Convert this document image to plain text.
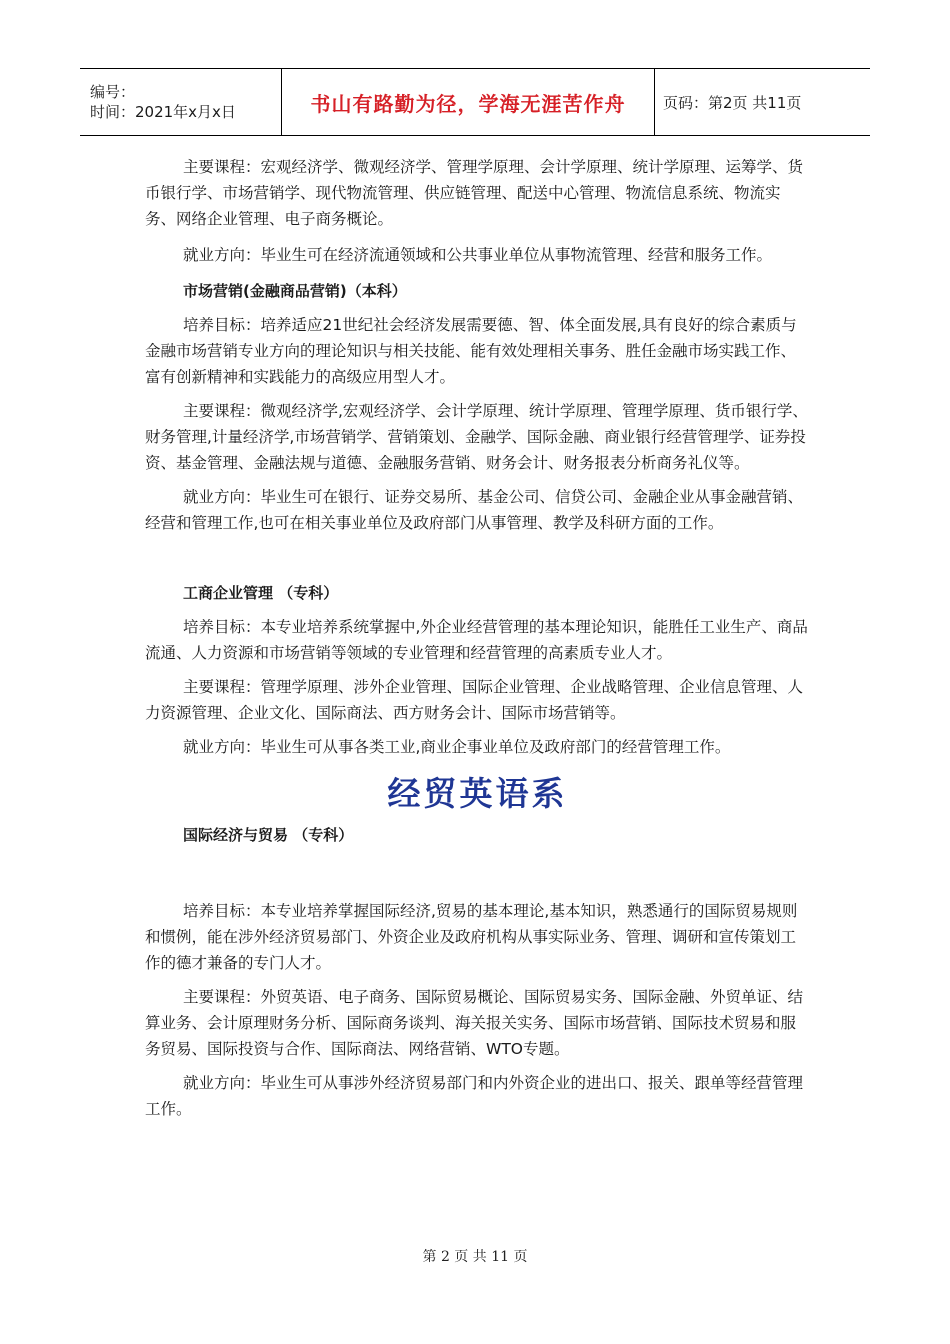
编号：
时间：2021年x月x日	书山有路勤为径，学海无涯苦作舟	页码：第2页 共11页

主要课程：宏观经济学、微观经济学、管理学原理、会计学原理、统计学原理、运筹学、货币银行学、市场营销学、现代物流管理、供应链管理、配送中心管理、物流信息系统、物流实务、网络企业管理、电子商务概论。

就业方向：毕业生可在经济流通领域和公共事业单位从事物流管理、经营和服务工作。

市场营销(金融商品营销)（本科）

培养目标：培养适应21世纪社会经济发展需要德、智、体全面发展,具有良好的综合素质与金融市场营销专业方向的理论知识与相关技能、能有效处理相关事务、胜任金融市场实践工作、富有创新精神和实践能力的高级应用型人才。

主要课程：微观经济学,宏观经济学、会计学原理、统计学原理、管理学原理、货币银行学、财务管理,计量经济学,市场营销学、营销策划、金融学、国际金融、商业银行经营管理学、证券投资、基金管理、金融法规与道德、金融服务营销、财务会计、财务报表分析商务礼仪等。

就业方向：毕业生可在银行、证券交易所、基金公司、信贷公司、金融企业从事金融营销、经营和管理工作,也可在相关事业单位及政府部门从事管理、教学及科研方面的工作。

工商企业管理 （专科）

培养目标：本专业培养系统掌握中,外企业经营管理的基本理论知识，能胜任工业生产、商品流通、人力资源和市场营销等领域的专业管理和经营管理的高素质专业人才。

主要课程：管理学原理、涉外企业管理、国际企业管理、企业战略管理、企业信息管理、人力资源管理、企业文化、国际商法、西方财务会计、国际市场营销等。

就业方向：毕业生可从事各类工业,商业企事业单位及政府部门的经营管理工作。

经贸英语系
国际经济与贸易 （专科）

培养目标：本专业培养掌握国际经济,贸易的基本理论,基本知识，熟悉通行的国际贸易规则和惯例，能在涉外经济贸易部门、外资企业及政府机构从事实际业务、管理、调研和宣传策划工作的德才兼备的专门人才。

主要课程：外贸英语、电子商务、国际贸易概论、国际贸易实务、国际金融、外贸单证、结算业务、会计原理财务分析、国际商务谈判、海关报关实务、国际市场营销、国际技术贸易和服务贸易、国际投资与合作、国际商法、网络营销、WTO专题。

就业方向：毕业生可从事涉外经济贸易部门和内外资企业的进出口、报关、跟单等经营管理工作。

第 2 页 共 11 页
